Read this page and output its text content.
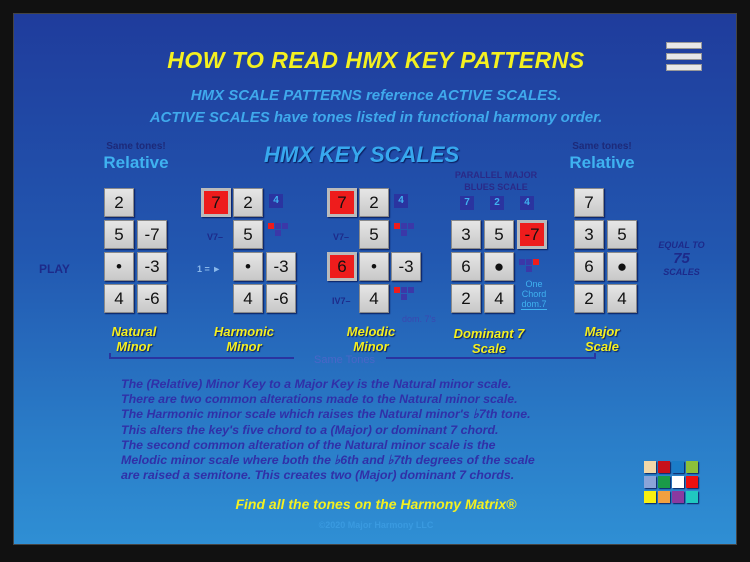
HOW TO READ HMX KEY PATTERNS
HMX SCALE PATTERNS reference ACTIVE SCALES.
ACTIVE SCALES have tones listed in functional harmony order.
Same tones!
Relative
Same tones!
Relative
HMX KEY SCALES
PLAY
2
5	-7
•	-3
4	-6
Natural
Minor
7	2	4
V7–	5
1 = ►	•	-3
4	-6
Harmonic
Minor
7	2	4
V7–	5
6	•	-3
IV7–	4
dom. 7's
Melodic
Minor
PARALLEL MAJOR
BLUES SCALE
7	2	4
3	5	-7
6	●
2	4
One
Chord
dom.7
Dominant 7
Scale
7
3	5
6	●
2	4
Major
Scale
EQUAL TO
75
SCALES
Same Tones
The (Relative) Minor Key to a Major Key is the Natural minor scale.
There are two common alterations made to the Natural minor scale.
The Harmonic minor scale which raises the Natural minor's ♭7th tone.
This alters the key's five chord to a (Major) or dominant 7 chord.
The second common alteration of the Natural minor scale is the
Melodic minor scale where both the ♭6th and ♭7th degrees of the scale
are raised a semitone. This creates two (Major) dominant 7 chords.
Find all the tones on the Harmony Matrix®
©2020 Major Harmony LLC
